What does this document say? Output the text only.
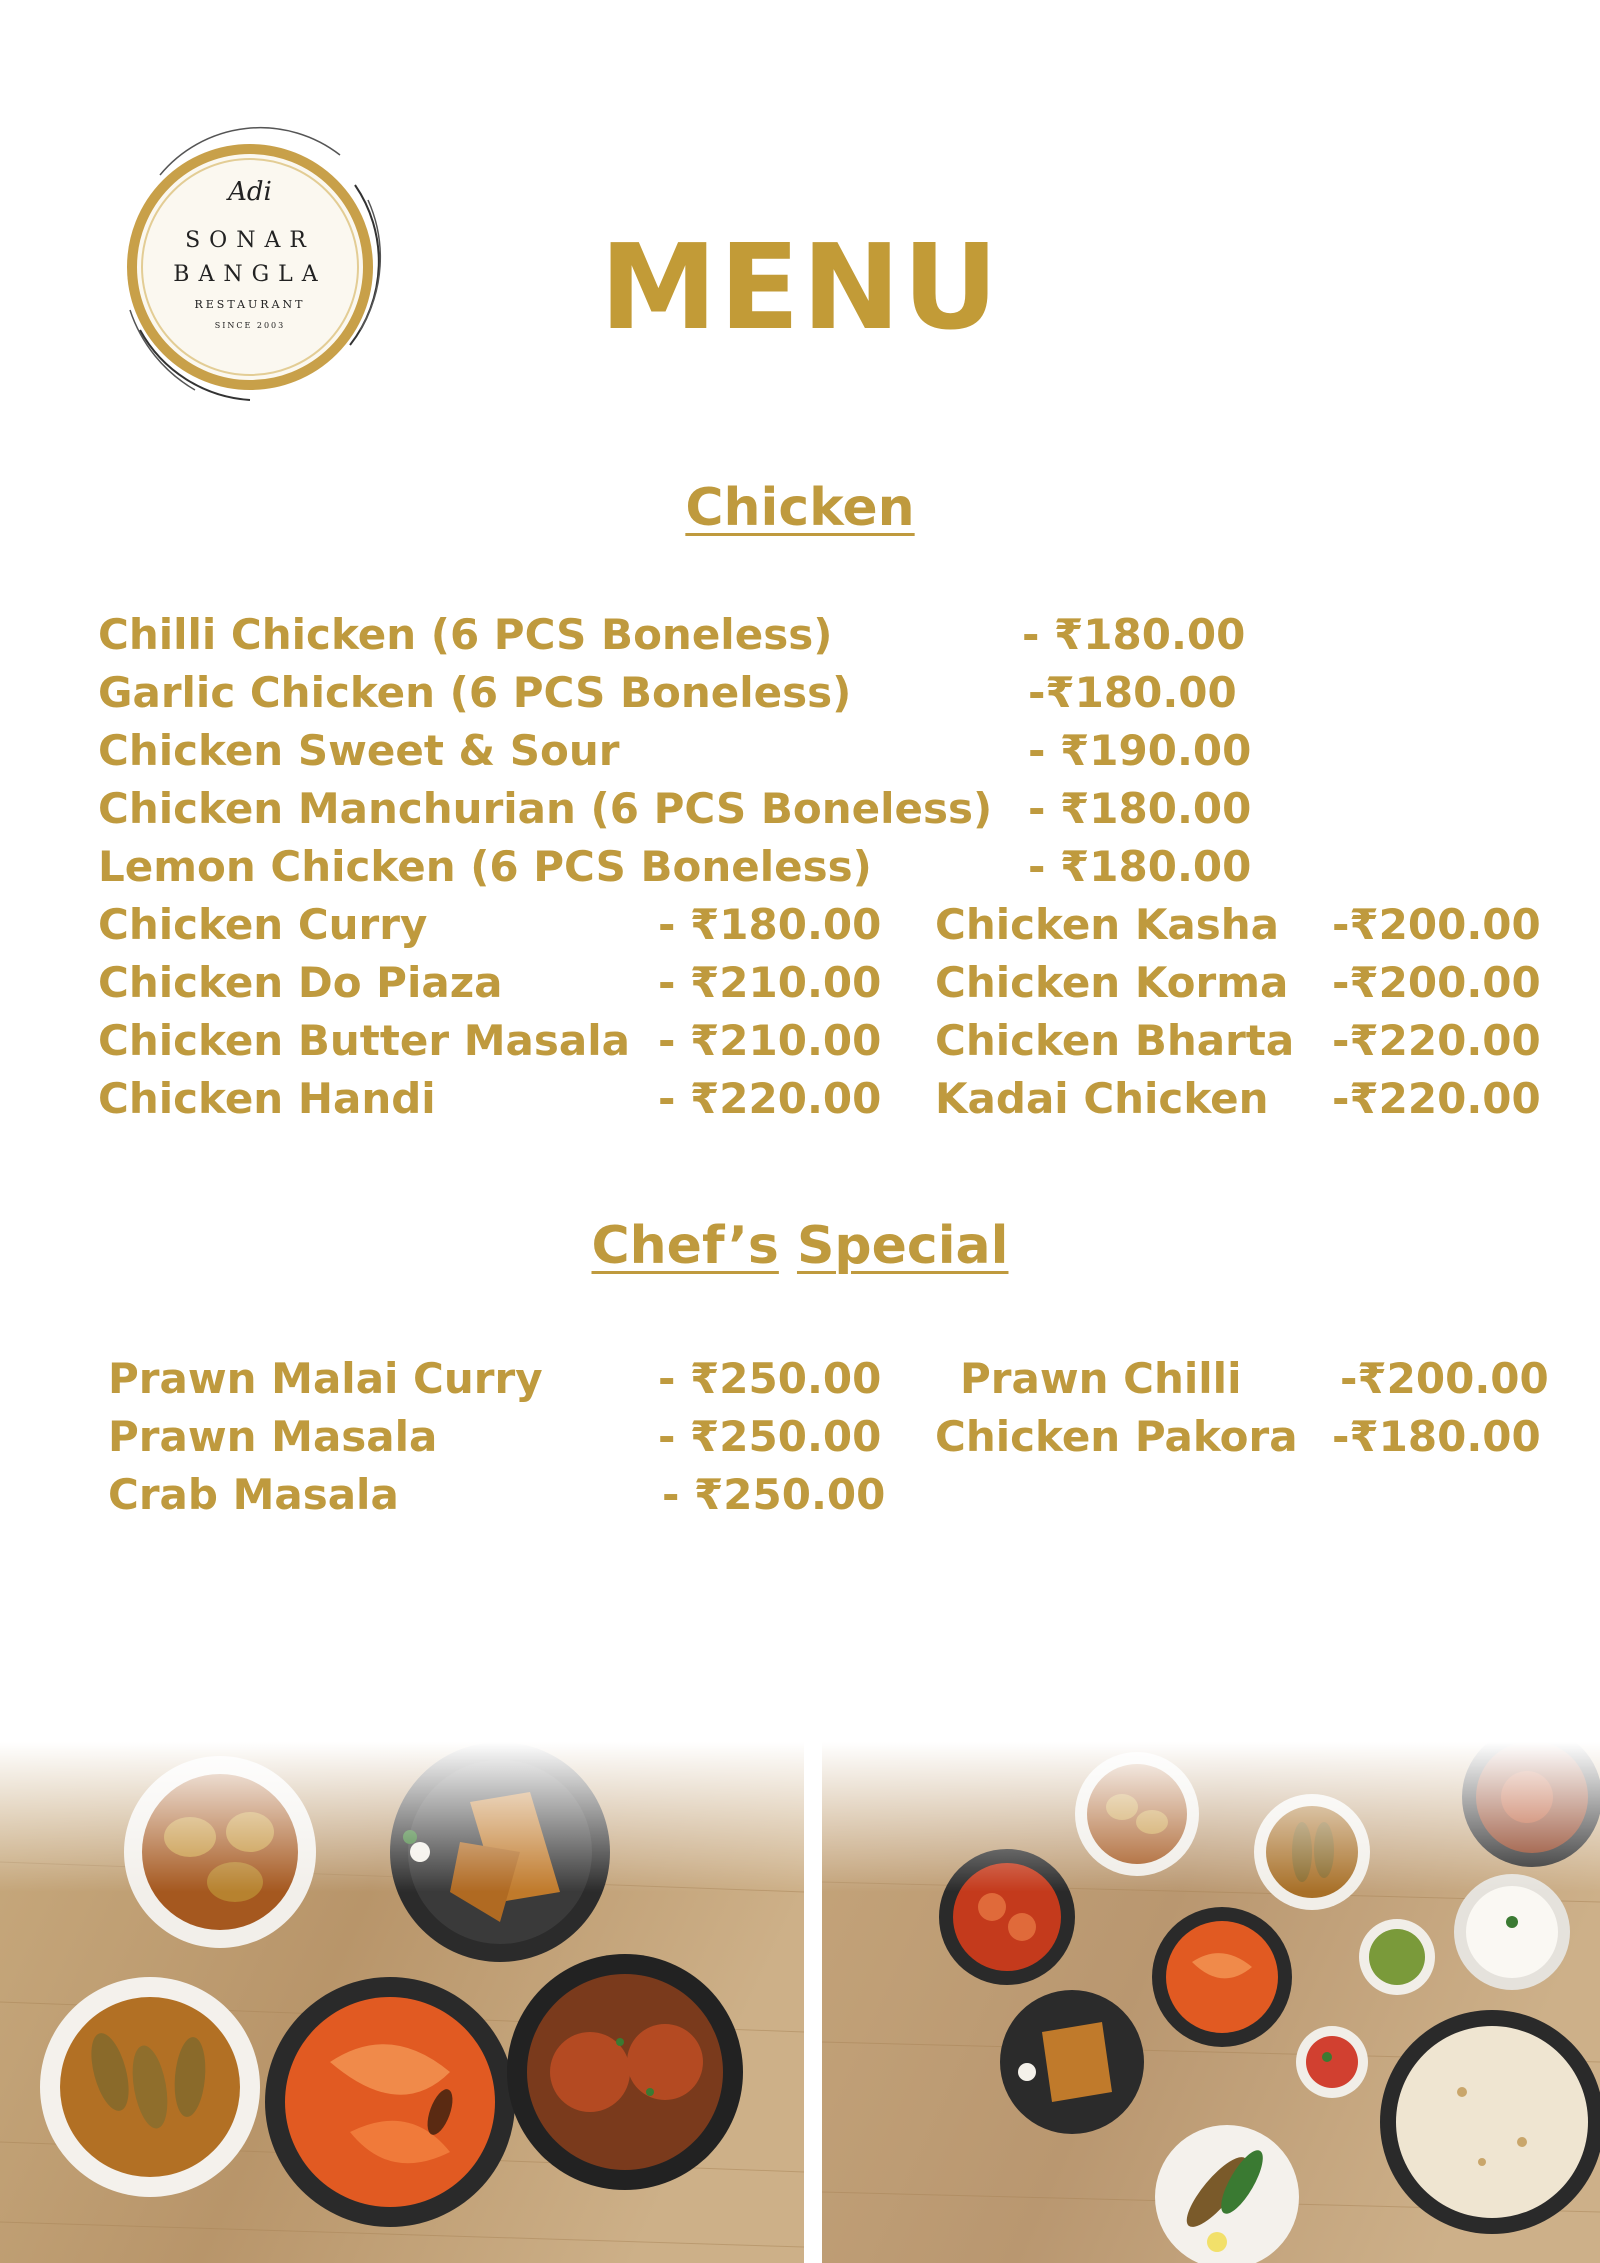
Adi
SONAR
BANGLA
RESTAURANT
SINCE 2003	MENU
Chicken
Chilli Chicken (6 PCS Boneless)	- ₹180.00
Garlic Chicken (6 PCS Boneless)	-₹180.00
Chicken Sweet & Sour	- ₹190.00
Chicken Manchurian (6 PCS Boneless) - ₹180.00
Lemon Chicken (6 PCS Boneless)	- ₹180.00
Chicken Curry	- ₹180.00 Chicken Kasha -₹200.00
Chicken Do Piaza	- ₹210.00 Chicken Korma -₹200.00
Chicken Butter Masala - ₹210.00 Chicken Bharta -₹220.00
Chicken Handi	- ₹220.00 Kadai Chicken -₹220.00
Chef’s Special
Prawn Malai Curry	- ₹250.00 Prawn Chilli -₹200.00
Prawn Masala	- ₹250.00 Chicken Pakora -₹180.00
Crab Masala	- ₹250.00
